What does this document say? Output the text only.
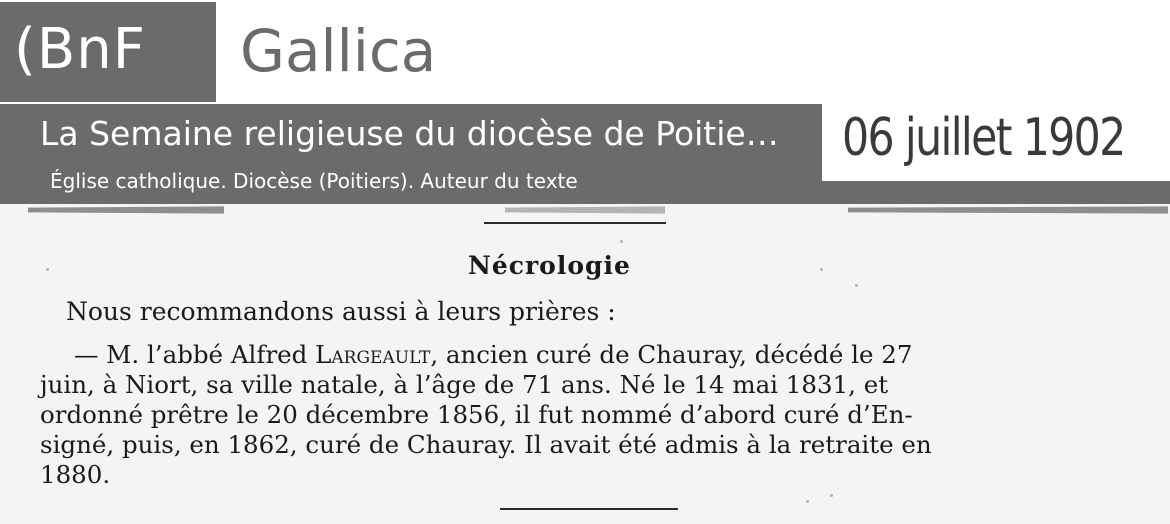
(BnF Gallica
La Semaine religieuse du diocèse de Poitie…
Église catholique. Diocèse (Poitiers). Auteur du texte
06 juillet 1902
Nécrologie
Nous recommandons aussi à leurs prières :
— M. l’abbé Alfred Largeault, ancien curé de Chauray, décédé le 27
juin, à Niort, sa ville natale, à l’âge de 71 ans. Né le 14 mai 1831, et
ordonné prêtre le 20 décembre 1856, il fut nommé d’abord curé d’En-
signé, puis, en 1862, curé de Chauray. Il avait été admis à la retraite en
1880.
